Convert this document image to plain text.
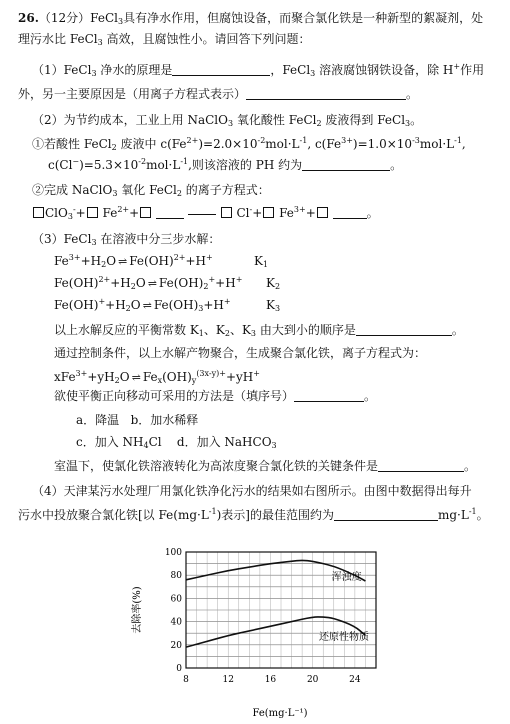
26.（12分）FeCl$_3$具有净水作用，但腐蚀设备，而聚合氯化铁是一种新型的絮凝剂，处
理污水比 FeCl$_3$ 高效，且腐蚀性小。请回答下列问题：
（1）FeCl$_3$ 净水的原理是	，FeCl$_3$ 溶液腐蚀钢铁设备，除 H+作用
外，另一主要原因是（用离子方程式表示）	。
（2）为节约成本，工业上用 NaClO$_3$ 氧化酸性 FeCl$_2$ 废液得到 FeCl$_3$。
①若酸性 FeCl$_2$ 废液中 $c(Fe^{2+})=2.0\times 10^{-2}mol\cdot L^{-1}$, $c(Fe^{3+})=1.0\times 10^{-3}mol\cdot L^{-1}$,
$c(Cl^-)=5.3\times 10^{-2}mol\cdot L^{-1}$,则该溶液的 PH 约为	。
②完成 NaClO$_3$ 氧化 FeCl$_2$ 的离子方程式：
$ClO_3^-+ Fe^{2+}+$	$Cl^-+ Fe^{3+}+$	。
（3）FeCl$_3$ 在溶液中分三步水解：
$Fe^{3+}+H_2O$ ⇌ Fe(OH)$^{2+}$+H+	$K_1$
$Fe(OH)^{2+}+H_2O$ ⇌ $Fe(OH)_2^++H^+$ $K_2$
$Fe(OH)^++H_2O$ ⇌ $Fe(OH)_3+H^+$	$K_3$
以上水解反应的平衡常数 $K_1$、$K_2$、$K_3$ 由大到小的顺序是	。
通过控制条件，以上水解产物聚合，生成聚合氯化铁，离子方程式为：
$xFe^{3+}+yH_2O$ ⇌ $Fe_x(OH)_y^{(3x-y)+}+yH^+$
欲使平衡正向移动可采用的方法是（填序号）	。
a．降温 b．加水稀释
c．加入 $NH_4Cl$ d．加入 NaHCO$_3$
室温下，使氯化铁溶液转化为高浓度聚合氯化铁的关键条件是	。
（4）天津某污水处理厂用氯化铁净化污水的结果如右图所示。由图中数据得出每升
污水中投放聚合氯化铁[以 $Fe(mg\cdot L^{-1})$表示]的最佳范围约为	$mg\cdot L^{-1}$。
0
20
40
60
80
100
8	12	16	20	24
浑浊度
还原性物质
Fe(mg·L⁻¹)
去除率(%)
